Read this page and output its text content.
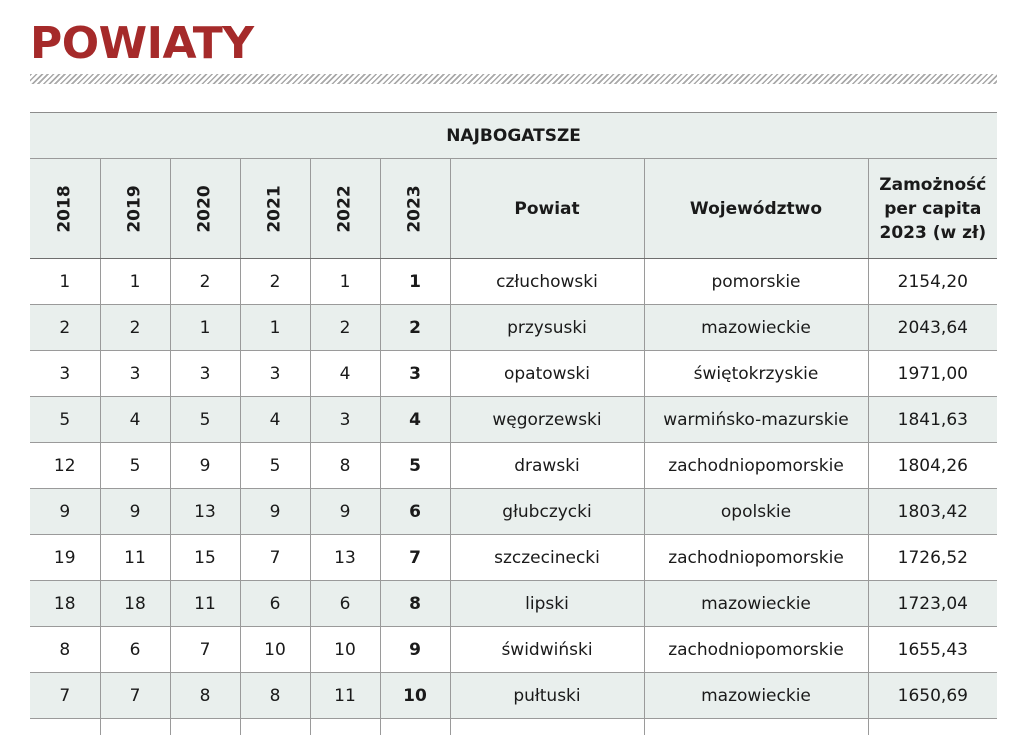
POWIATY
NAJBOGATSZE								
2018	2019	2020	2021	2022	2023	Powiat	Województwo	Zamożność per capita 2023 (w zł)
1	1	2	2	1	1	człuchowski	pomorskie	2154,20
2	2	1	1	2	2	przysuski	mazowieckie	2043,64
3	3	3	3	4	3	opatowski	świętokrzyskie	1971,00
5	4	5	4	3	4	węgorzewski	warmińsko-mazurskie	1841,63
12	5	9	5	8	5	drawski	zachodniopomorskie	1804,26
9	9	13	9	9	6	głubczycki	opolskie	1803,42
19	11	15	7	13	7	szczecinecki	zachodniopomorskie	1726,52
18	18	11	6	6	8	lipski	mazowieckie	1723,04
8	6	7	10	10	9	świdwiński	zachodniopomorskie	1655,43
7	7	8	8	11	10	pułtuski	mazowieckie	1650,69
